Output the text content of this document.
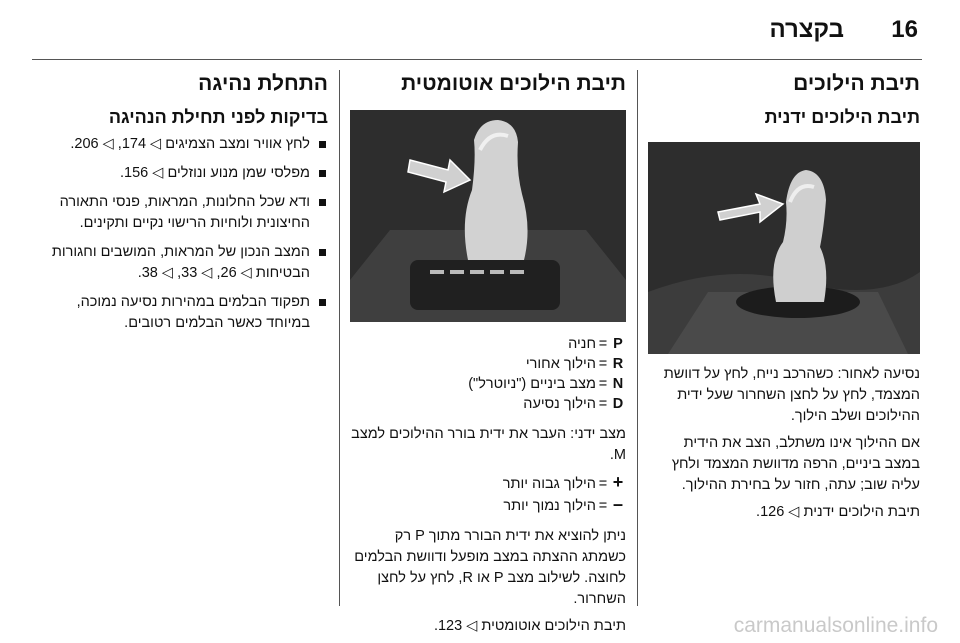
16
בקצרה
תיבת הילוכים
תיבת הילוכים ידנית

נסיעה לאחור: כשהרכב נייח, לחץ על דוושת המצמד, לחץ על לחצן השחרור שעל ידית ההילוכים ושלב הילוך.

אם ההילוך אינו משתלב, הצב את הידית במצב ביניים, הרפה מדוושת המצמד ולחץ עליה שוב; עתה, חזור על בחירת ההילוך.

תיבת הילוכים ידנית ◁ 126.

תיבת הילוכים אוטומטית
P
=
חניה
R
=
הילוך אחורי
N
=
מצב ביניים ("ניוטרל")
D
=
הילוך נסיעה

מצב ידני: העבר את ידית בורר ההילוכים למצב M.

+
=
הילוך גבוה יותר
–
=
הילוך נמוך יותר

ניתן להוציא את ידית הבורר מתוך P רק כשמתג ההצתה במצב מופעל ודוושת הבלמים לחוצה. לשילוב מצב P או R, לחץ על לחצן השחרור.

תיבת הילוכים אוטומטית ◁ 123.

התחלת נהיגה
בדיקות לפני תחילת הנהיגה
לחץ אוויר ומצב הצמיגים ◁ 174, ◁ 206.
מפלסי שמן מנוע ונוזלים ◁ 156.
ודא שכל החלונות, המראות, פנסי התאורה החיצונית ולוחיות הרישוי נקיים ותקינים.
המצב הנכון של המראות, המושבים וחגורות הבטיחות ◁ 26, ◁ 33, ◁ 38.
תפקוד הבלמים במהירות נסיעה נמוכה, במיוחד כאשר הבלמים רטובים.
carmanualsonline.info
